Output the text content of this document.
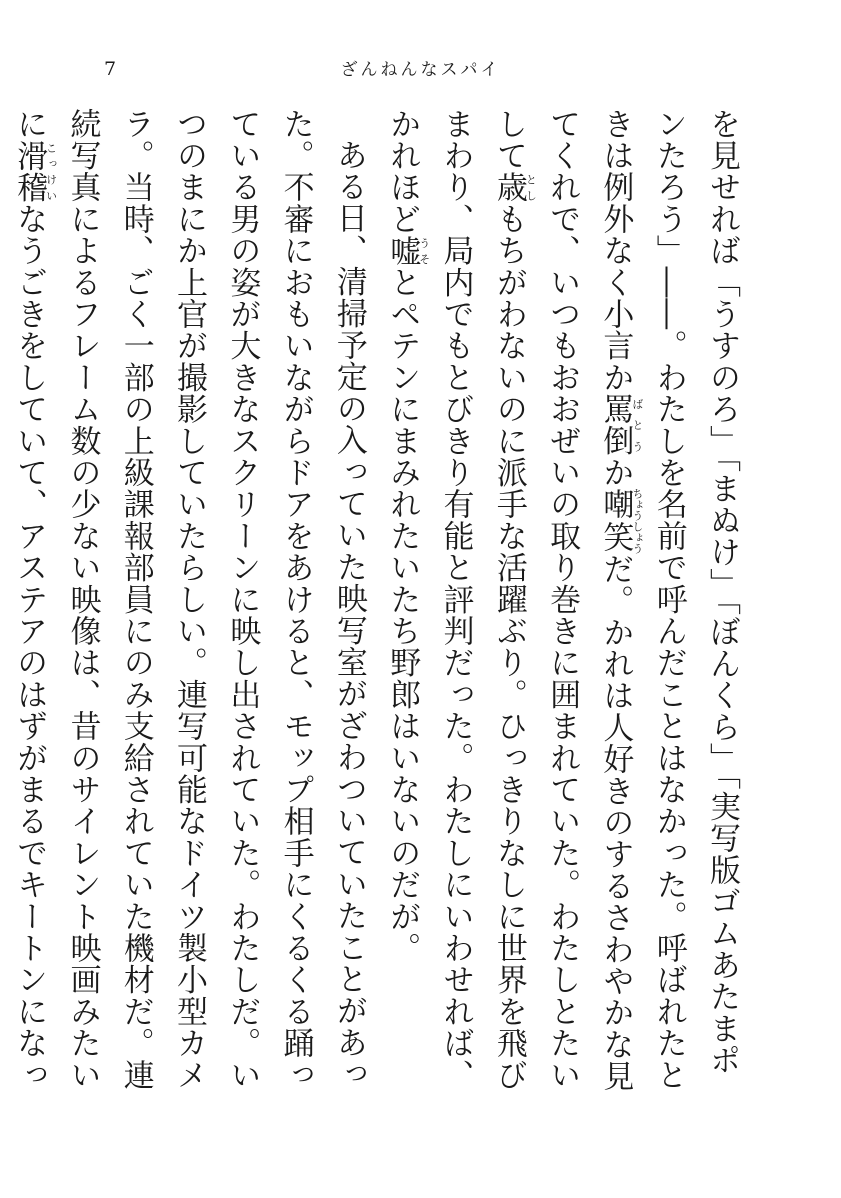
7	ざんねんなスパイ

を見せれば「うすのろ」「まぬけ」「ぼんくら」「実写版ゴムあたまポンたろう」――。わたしを名前で呼んだことはなかった。呼ばれたときは例外なく小言か罵倒ばとうか嘲笑ちょうしょうだ。かれは人好きのするさわやかな見てくれで、いつもおおぜいの取り巻きに囲まれていた。わたしとたいして歳としもちがわないのに派手な活躍ぶり。ひっきりなしに世界を飛びまわり、局内でもとびきり有能と評判だった。わたしにいわせれば、かれほど嘘うそとペテンにまみれたいたち野郎はいないのだが。

ある日、清掃予定の入っていた映写室がざわついていたことがあった。不審におもいながらドアをあけると、モップ相手にくるくる踊っている男の姿が大きなスクリーンに映し出されていた。わたしだ。いつのまにか上官が撮影していたらしい。連写可能なドイツ製小型カメラ。当時、ごく一部の上級課報部員にのみ支給されていた機材だ。連続写真によるフレーム数の少ない映像は、昔のサイレント映画みたいに滑稽こっけいなうごきをしていて、アステアのはずがまるでキートンになっ
